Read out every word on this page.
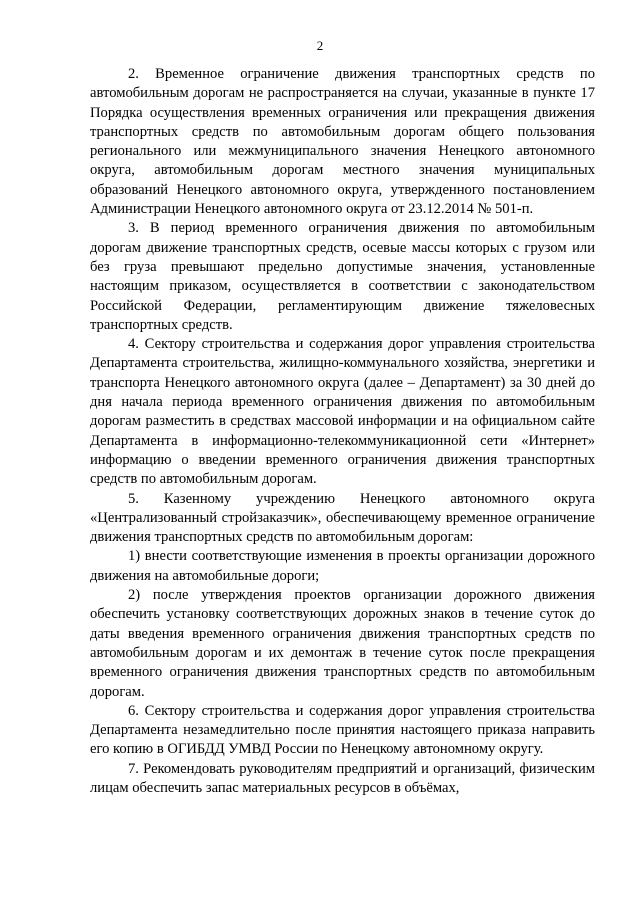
2

2. Временное ограничение движения транспортных средств по автомобильным дорогам не распространяется на случаи, указанные в пункте 17 Порядка осуществления временных ограничения или прекращения движения транспортных средств по автомобильным дорогам общего пользования регионального или межмуниципального значения Ненецкого автономного округа, автомобильным дорогам местного значения муниципальных образований Ненецкого автономного округа, утвержденного постановлением Администрации Ненецкого автономного округа от 23.12.2014 № 501-п.

3. В период временного ограничения движения по автомобильным дорогам движение транспортных средств, осевые массы которых с грузом или без груза превышают предельно допустимые значения, установленные настоящим приказом, осуществляется в соответствии с законодательством Российской Федерации, регламентирующим движение тяжеловесных транспортных средств.

4. Сектору строительства и содержания дорог управления строительства Департамента строительства, жилищно-коммунального хозяйства, энергетики и транспорта Ненецкого автономного округа (далее – Департамент) за 30 дней до дня начала периода временного ограничения движения по автомобильным дорогам разместить в средствах массовой информации и на официальном сайте Департамента в информационно-телекоммуникационной сети «Интернет» информацию о введении временного ограничения движения транспортных средств по автомобильным дорогам.

5. Казенному учреждению Ненецкого автономного округа «Централизованный стройзаказчик», обеспечивающему временное ограничение движения транспортных средств по автомобильным дорогам:

1) внести соответствующие изменения в проекты организации дорожного движения на автомобильные дороги;

2) после утверждения проектов организации дорожного движения обеспечить установку соответствующих дорожных знаков в течение суток до даты введения временного ограничения движения транспортных средств по автомобильным дорогам и их демонтаж в течение суток после прекращения временного ограничения движения транспортных средств по автомобильным дорогам.

6. Сектору строительства и содержания дорог управления строительства Департамента незамедлительно после принятия настоящего приказа направить его копию в ОГИБДД УМВД России по Ненецкому автономному округу.

7. Рекомендовать руководителям предприятий и организаций, физическим лицам обеспечить запас материальных ресурсов в объёмах,
